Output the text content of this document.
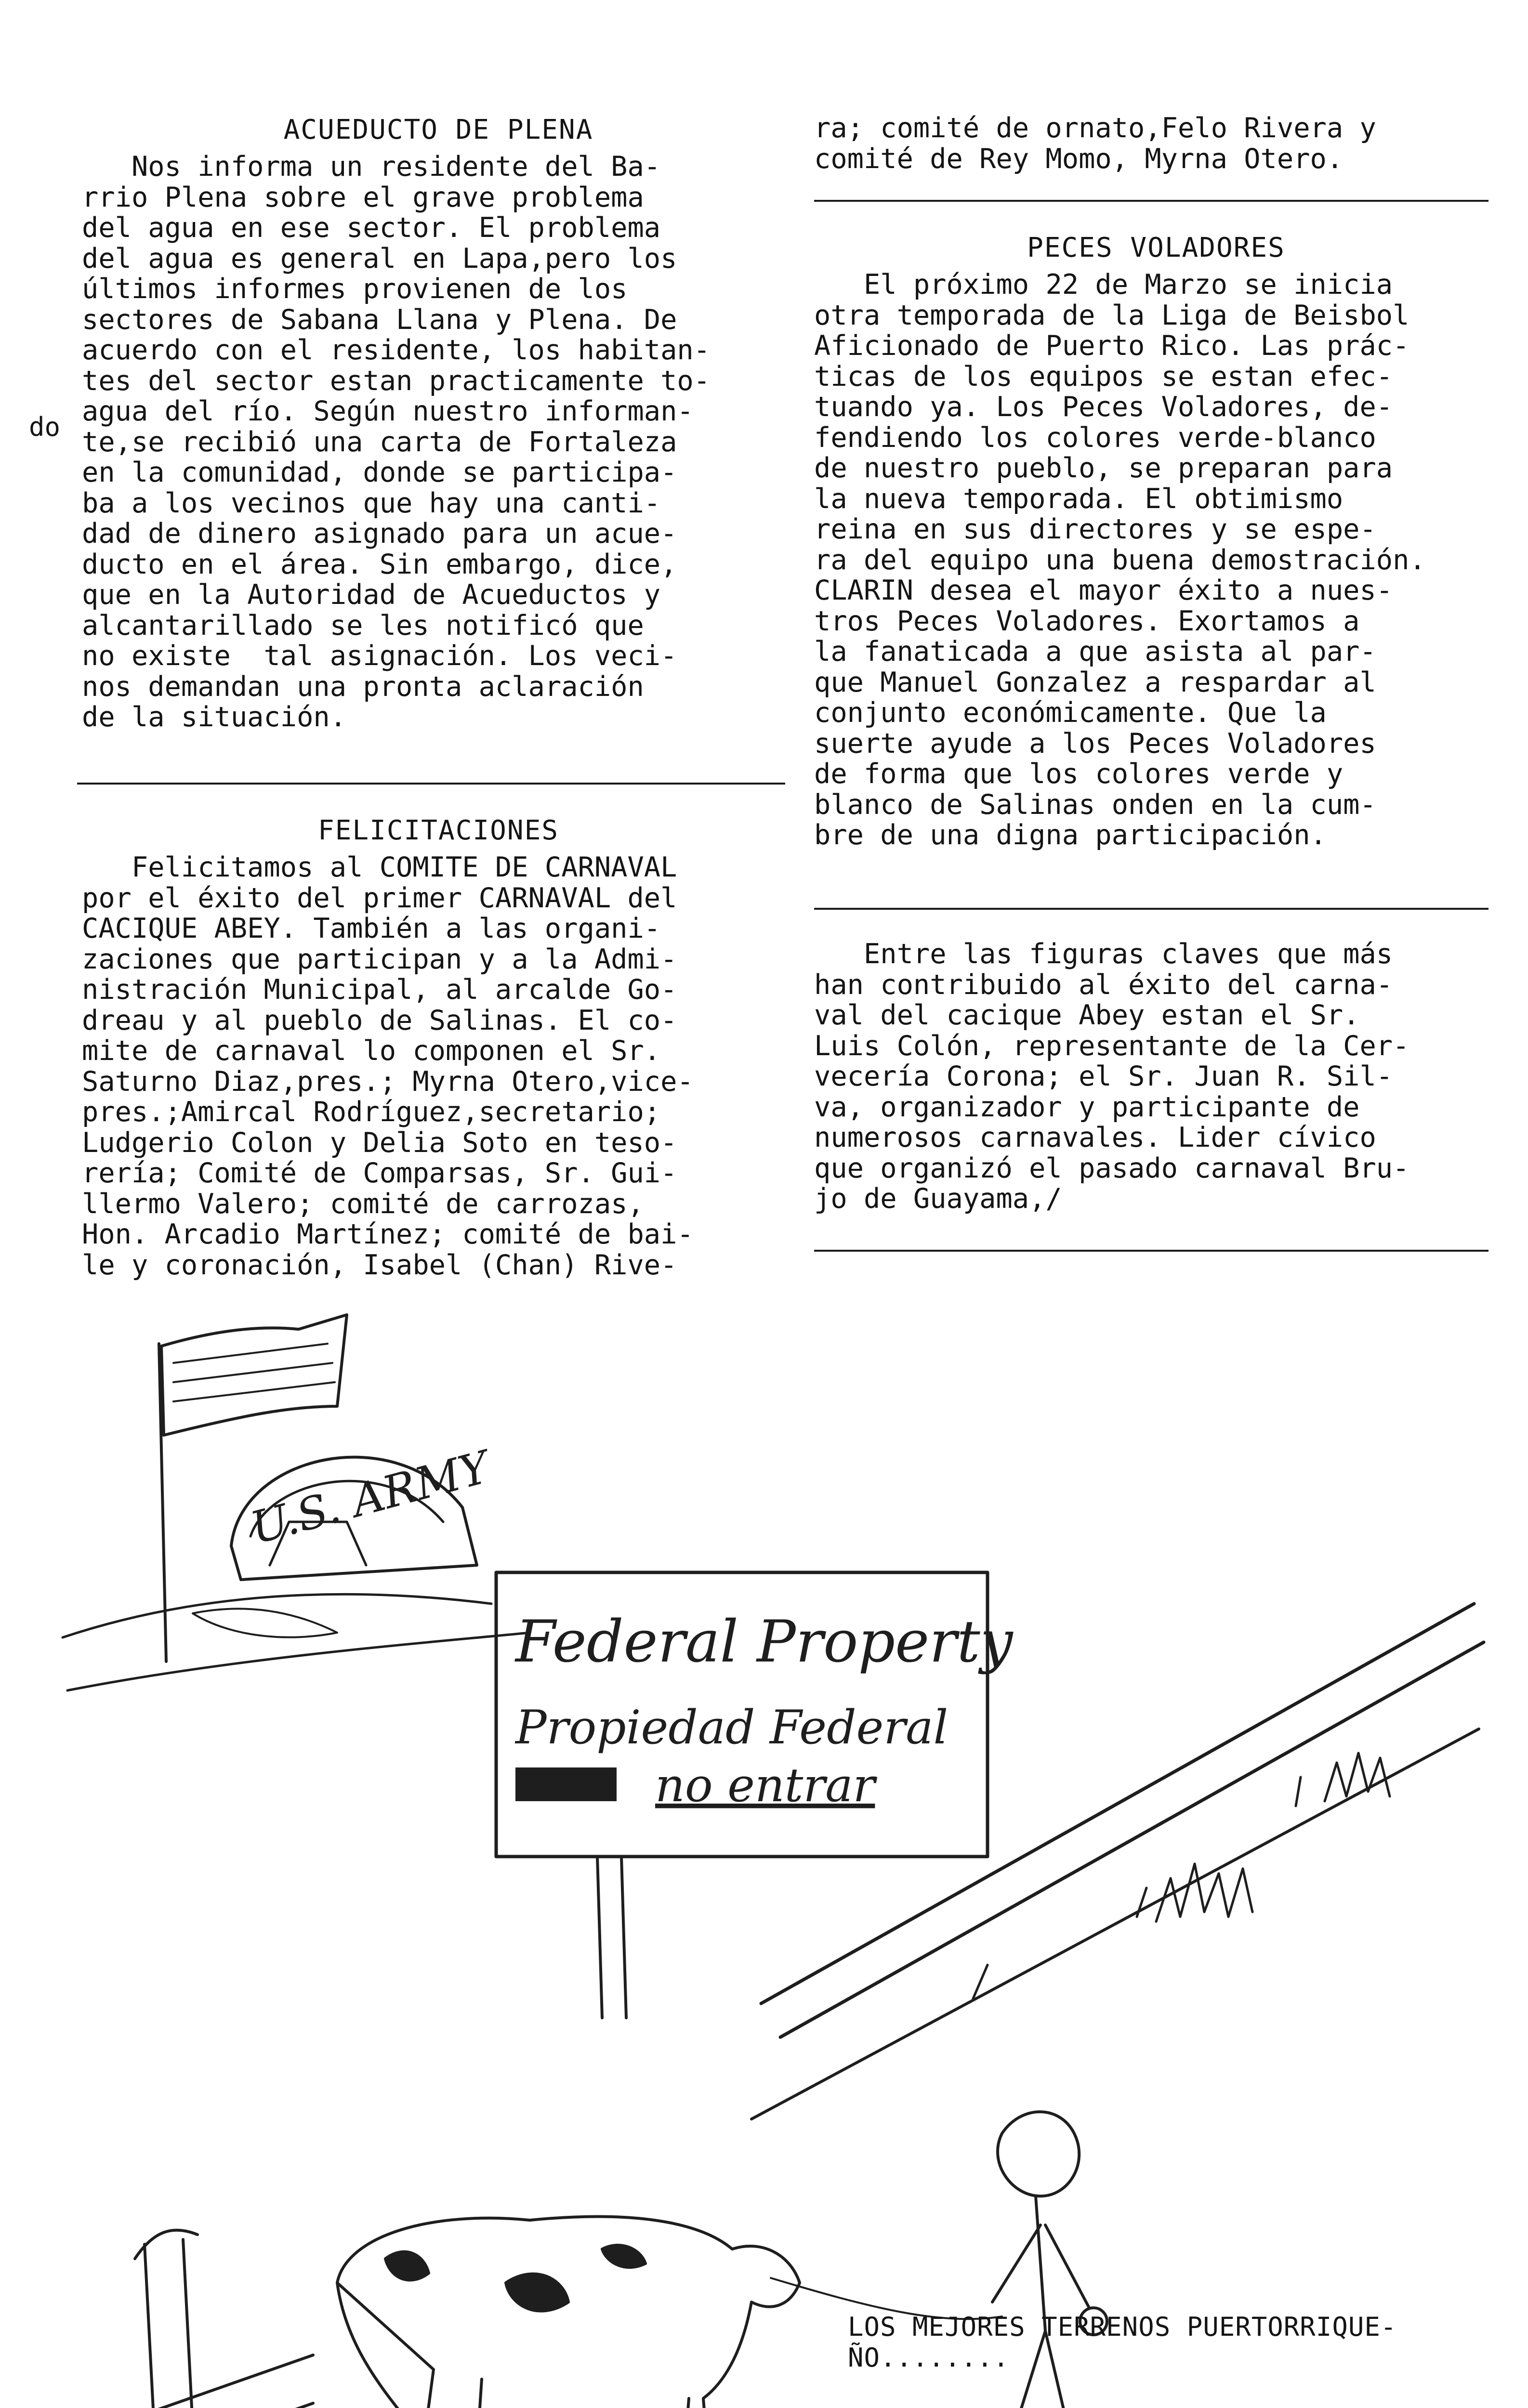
ACUEDUCTO DE PLENA

Nos informa un residente del Ba-
rrio Plena sobre el grave problema
del agua en ese sector. El problema
del agua es general en Lapa,pero los
últimos informes provienen de los
sectores de Sabana Llana y Plena. De
acuerdo con el residente, los habitan-
tes del sector estan practicamente to-
agua del río. Según nuestro informan-
te,se recibió una carta de Fortaleza
en la comunidad, donde se participa-
ba a los vecinos que hay una canti-
dad de dinero asignado para un acue-
ducto en el área. Sin embargo, dice,
que en la Autoridad de Acueductos y
alcantarillado se les notificó que
no existe  tal asignación. Los veci-
nos demandan una pronta aclaración
de la situación.

do
FELICITACIONES

Felicitamos al COMITE DE CARNAVAL
por el éxito del primer CARNAVAL del
CACIQUE ABEY. También a las organi-
zaciones que participan y a la Admi-
nistración Municipal, al arcalde Go-
dreau y al pueblo de Salinas. El co-
mite de carnaval lo componen el Sr.
Saturno Diaz,pres.; Myrna Otero,vice-
pres.;Amircal Rodríguez,secretario;
Ludgerio Colon y Delia Soto en teso-
rería; Comité de Comparsas, Sr. Gui-
llermo Valero; comité de carrozas,
Hon. Arcadio Martínez; comité de bai-
le y coronación, Isabel (Chan) Rive-

ra; comité de ornato,Felo Rivera y
comité de Rey Momo, Myrna Otero.

PECES VOLADORES

El próximo 22 de Marzo se inicia
otra temporada de la Liga de Beisbol
Aficionado de Puerto Rico. Las prác-
ticas de los equipos se estan efec-
tuando ya. Los Peces Voladores, de-
fendiendo los colores verde-blanco
de nuestro pueblo, se preparan para
la nueva temporada. El obtimismo
reina en sus directores y se espe-
ra del equipo una buena demostración.
CLARIN desea el mayor éxito a nues-
tros Peces Voladores. Exortamos a
la fanaticada a que asista al par-
que Manuel Gonzalez a respardar al
conjunto económicamente. Que la
suerte ayude a los Peces Voladores
de forma que los colores verde y
blanco de Salinas onden en la cum-
bre de una digna participación.

Entre las figuras claves que más
han contribuido al éxito del carna-
val del cacique Abey estan el Sr.
Luis Colón, representante de la Cer-
vecería Corona; el Sr. Juan R. Sil-
va, organizador y participante de
numerosos carnavales. Lider cívico
que organizó el pasado carnaval Bru-
jo de Guayama,/

U.S. ARMY
Federal Property
Propiedad Federal
no entrar
LOS MEJORES TERRENOS PUERTORRIQUE-
ÑO........
